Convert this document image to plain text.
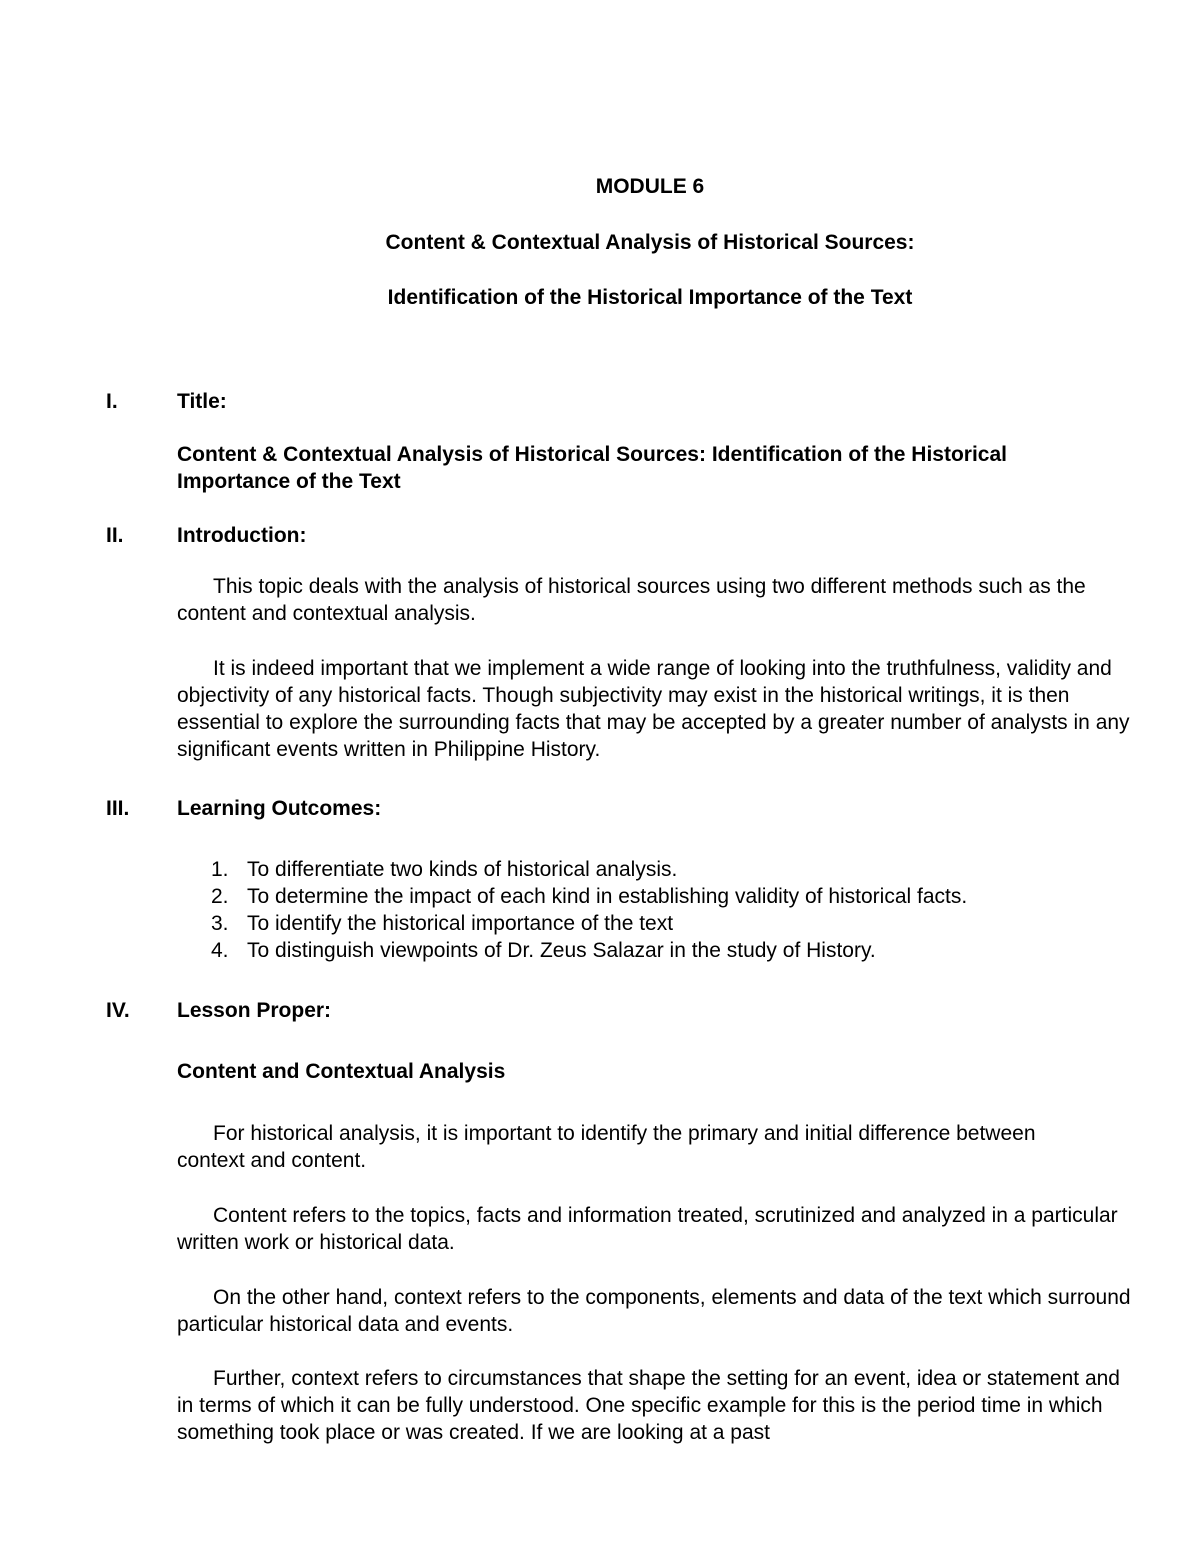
MODULE 6
Content & Contextual Analysis of Historical Sources:
Identification of the Historical Importance of the Text
I.	Title:
Content & Contextual Analysis of Historical Sources: Identification of the Historical
Importance of the Text
II.	Introduction:
This topic deals with the analysis of historical sources using two different methods such as the content and contextual analysis.
It is indeed important that we implement a wide range of looking into the truthfulness, validity and objectivity of any historical facts. Though subjectivity may exist in the historical writings, it is then essential to explore the surrounding facts that may be accepted by a greater number of analysts in any significant events written in Philippine History.
III. Learning Outcomes:
1. To differentiate two kinds of historical analysis.
2. To determine the impact of each kind in establishing validity of historical facts.
3. To identify the historical importance of the text
4. To distinguish viewpoints of Dr. Zeus Salazar in the study of History.
IV. Lesson Proper:
Content and Contextual Analysis
For historical analysis, it is important to identify the primary and initial difference between context and content.
Content refers to the topics, facts and information treated, scrutinized and analyzed in a particular written work or historical data.
On the other hand, context refers to the components, elements and data of the text which surround particular historical data and events.
Further, context refers to circumstances that shape the setting for an event, idea or statement and in terms of which it can be fully understood. One specific example for this is the period time in which something took place or was created. If we are looking at a past
